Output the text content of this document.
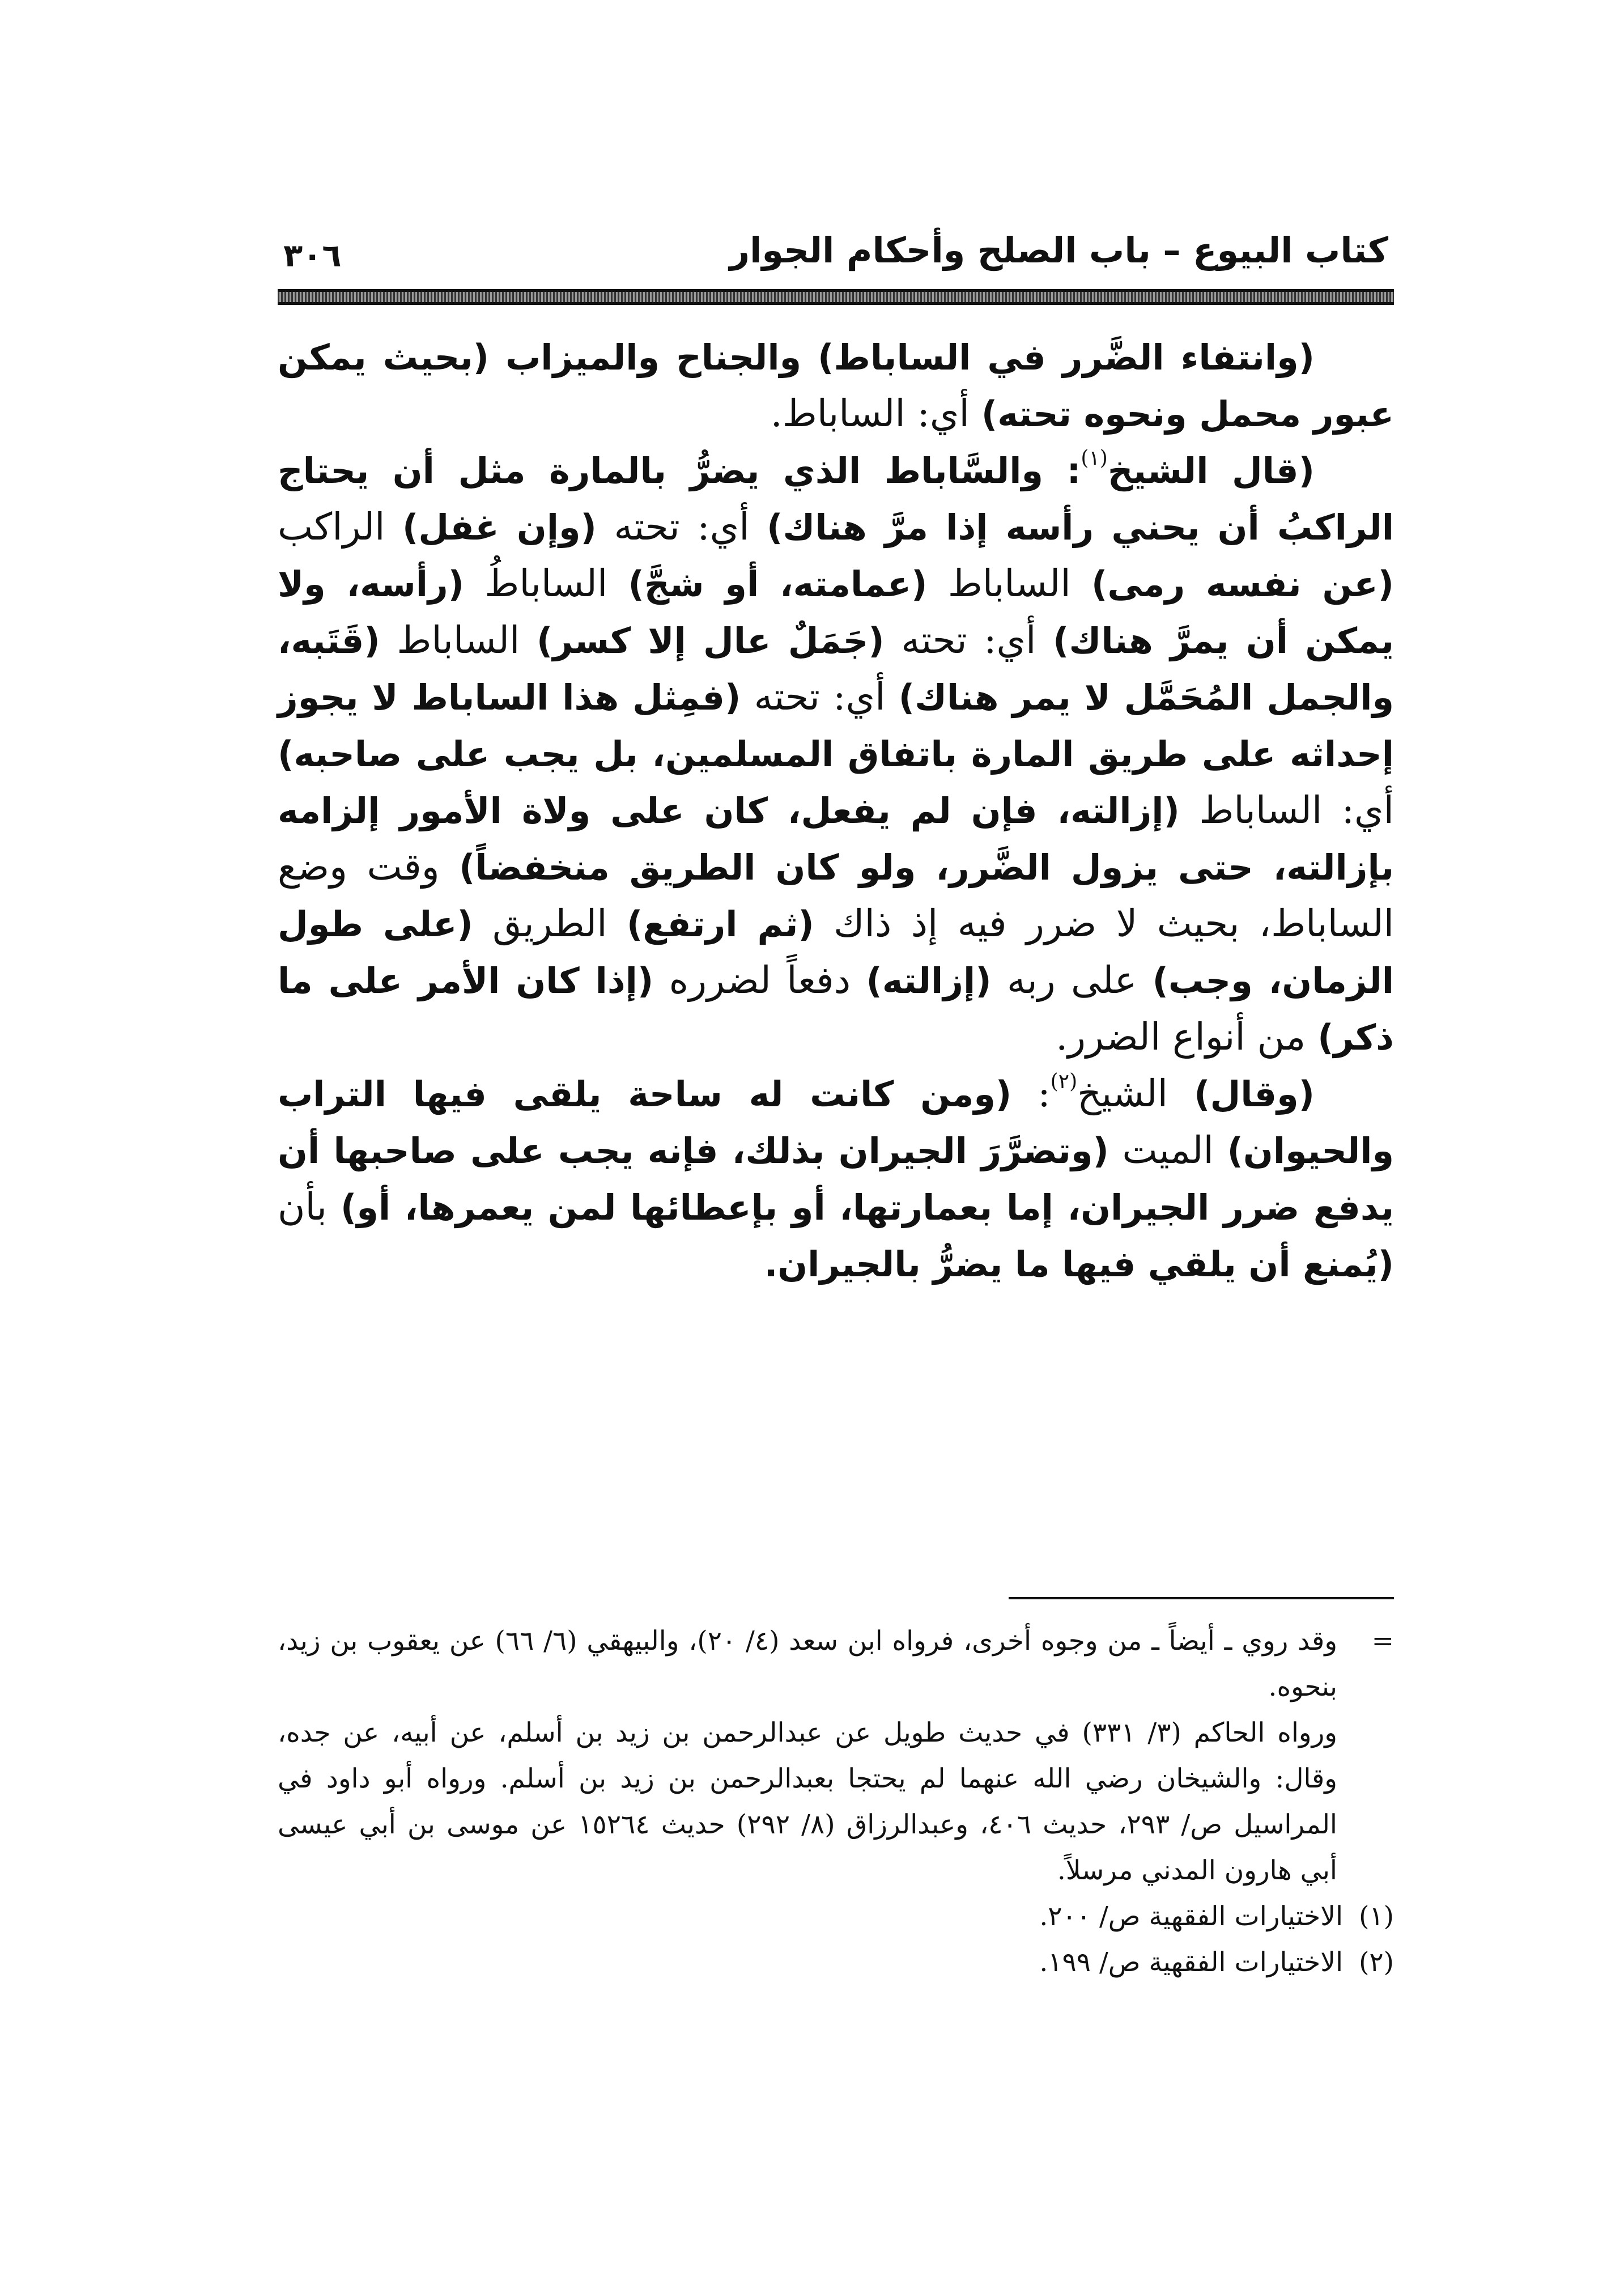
٣٠٦	كتاب البيوع – باب الصلح وأحكام الجوار

(وانتفاء الضَّرر في الساباط) والجناح والميزاب (بحيث يمكن عبور محمل ونحوه تحته) أي: الساباط.

(قال الشيخ$^{(١)}$: والسَّاباط الذي يضرُّ بالمارة مثل أن يحتاج الراكبُ أن يحني رأسه إذا مرَّ هناك) أي: تحته (وإن غفل) الراكب (عن نفسه رمى) الساباط (عمامته، أو شجَّ) الساباطُ (رأسه، ولا يمكن أن يمرَّ هناك) أي: تحته (جَمَلٌ عال إلا كسر) الساباط (قَتَبه، والجمل المُحَمَّل لا يمر هناك) أي: تحته (فمِثل هذا الساباط لا يجوز إحداثه على طريق المارة باتفاق المسلمين، بل يجب على صاحبه) أي: الساباط (إزالته، فإن لم يفعل، كان على ولاة الأمور إلزامه بإزالته، حتى يزول الضَّرر، ولو كان الطريق منخفضاً) وقت وضع الساباط، بحيث لا ضرر فيه إذ ذاك (ثم ارتفع) الطريق (على طول الزمان، وجب) على ربه (إزالته) دفعاً لضرره (إذا كان الأمر على ما ذكر) من أنواع الضرر.

(وقال) الشيخ$^{(٢)}$: (ومن كانت له ساحة يلقى فيها التراب والحيوان) الميت (وتضرَّرَ الجيران بذلك، فإنه يجب على صاحبها أن يدفع ضرر الجيران، إما بعمارتها، أو بإعطائها لمن يعمرها، أو) بأن (يُمنع أن يلقي فيها ما يضرُّ بالجيران.

=
وقد روي ـ أيضاً ـ من وجوه أخرى، فرواه ابن سعد (٤/ ٢٠)، والبيهقي (٦/ ٦٦) عن يعقوب بن زيد، بنحوه.
ورواه الحاكم (٣/ ٣٣١) في حديث طويل عن عبدالرحمن بن زيد بن أسلم، عن أبيه، عن جده، وقال: والشيخان رضي الله عنهما لم يحتجا بعبدالرحمن بن زيد بن أسلم. ورواه أبو داود في المراسيل ص/ ٢٩٣، حديث ٤٠٦، وعبدالرزاق (٨/ ٢٩٢) حديث ١٥٢٦٤ عن موسى بن أبي عيسى أبي هارون المدني مرسلاً.
(١)الاختيارات الفقهية ص/ ٢٠٠.
(٢)الاختيارات الفقهية ص/ ١٩٩.
